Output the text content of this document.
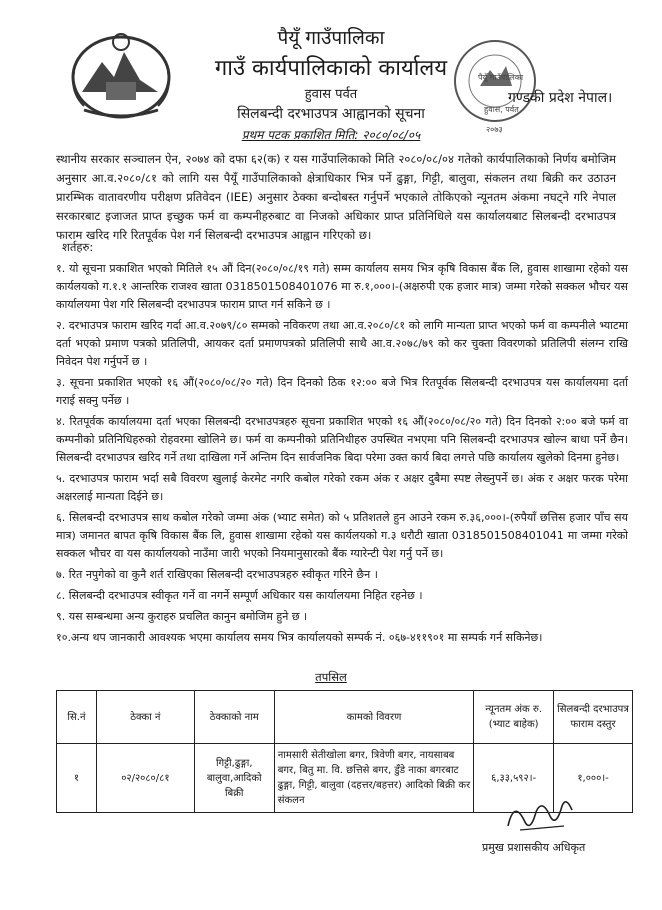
पैयूँ गाउँपालिका
गाउँ कार्यपालिकाको कार्यालय
हुवास पर्वत
सिलबन्दी दरभाउपत्र आह्वानको सूचना
प्रथम पटक प्रकाशित मिति: २०८०/०८/०५
पैयूँ गाउँपालिका
हुवास, पर्वत
२०७३
गण्डकी प्रदेश नेपाल।
स्थानीय सरकार सञ्चालन ऐन, २०७४ को दफा ६२(क) र यस गाउँपालिकाको मिति २०८०/०८/०४ गतेको कार्यपालिकाको निर्णय बमोजिम अनुसार आ.व.२०८०/८१ को लागि यस पैयूँ गाउँपालिकाको क्षेत्राधिकार भित्र पर्ने ढुङ्गा, गिट्टी, बालुवा, संकलन तथा बिक्री कर उठाउन प्रारम्भिक वातावरणीय परीक्षण प्रतिवेदन (IEE) अनुसार ठेक्का बन्दोबस्त गर्नुपर्ने भएकाले तोकिएको न्यूनतम अंकमा नघट्ने गरि नेपाल सरकारबाट इजाजत प्राप्त इच्छुक फर्म वा कम्पनीहरुबाट वा निजको अधिकार प्राप्त प्रतिनिधिले यस कार्यालयबाट सिलबन्दी दरभाउपत्र फाराम खरिद गरि रितपूर्वक पेश गर्न सिलबन्दी दरभाउपत्र आह्वान गरिएको छ।
शर्तहरु:
१. यो सूचना प्रकाशित भएको मितिले १५ औं दिन(२०८०/०८/१९ गते) सम्म कार्यालय समय भित्र कृषि विकास बैंक लि, हुवास शाखामा रहेको यस कार्यलयको ग.१.१ आन्तरिक राजश्व खाता 0318501508401076 मा रु.१,०००।-(अक्षरुपी एक हजार मात्र) जम्मा गरेको सक्कल भौचर यस कार्यालयमा पेश गरि सिलबन्दी दरभाउपत्र फाराम प्राप्त गर्न सकिने छ ।
२. दरभाउपत्र फाराम खरिद गर्दा आ.व.२०७९/८० सम्मको नविकरण तथा आ.व.२०८०/८१ को लागि मान्यता प्राप्त भएको फर्म वा कम्पनीले भ्याटमा दर्ता भएको प्रमाण पत्रको प्रतिलिपी, आयकर दर्ता प्रमाणपत्रको प्रतिलिपी साथै आ.व.२०७८/७९ को कर चुक्ता विवरणको प्रतिलिपी संलग्न राखि निवेदन पेश गर्नुपर्ने छ ।
३. सूचना प्रकाशित भएको १६ औं(२०८०/०८/२० गते) दिन दिनको ठिक १२:०० बजे भित्र रितपूर्वक सिलबन्दी दरभाउपत्र यस कार्यालयमा दर्ता गराई सक्नु पर्नेछ ।
४. रितपूर्वक कार्यालयमा दर्ता भएका सिलबन्दी दरभाउपत्रहरु सूचना प्रकाशित भएको १६ औं(२०८०/०८/२० गते) दिन दिनको २:०० बजे फर्म वा कम्पनीको प्रतिनिधिहरुको रोहवरमा खोलिने छ। फर्म वा कम्पनीको प्रतिनिधीहरु उपस्थित नभएमा पनि सिलबन्दी दरभाउपत्र खोल्न बाधा पर्ने छैन। सिलबन्दी दरभाउपत्र खरिद गर्ने तथा दाखिला गर्ने अन्तिम दिन सार्वजनिक बिदा परेमा उक्त कार्य बिदा लगत्ते पछि कार्यालय खुलेको दिनमा हुनेछ।
५. दरभाउपत्र फाराम भर्दा सबै विवरण खुलाई केरमेट नगरि कबोल गरेको रकम अंक र अक्षर दुबैमा स्पष्ट लेख्नुपर्ने छ। अंक र अक्षर फरक परेमा अक्षरलाई मान्यता दिईने छ।
६. सिलबन्दी दरभाउपत्र साथ कबोल गरेको जम्मा अंक (भ्याट समेत) को ५ प्रतिशतले हुन आउने रकम रु.३६,०००।-(रुपैयाँ छत्तिस हजार पाँच सय मात्र) जमानत बापत कृषि विकास बैंक लि, हुवास शाखामा रहेको यस कार्यलयको ग.३ धरौटी खाता 0318501508401041 मा जम्मा गरेको सक्कल भौचर वा यस कार्यालयको नाउँमा जारी भएको नियमानुसारको बैंक ग्यारेन्टी पेश गर्नु पर्ने छ।
७. रित नपुगेको वा कुनै शर्त राखिएका सिलबन्दी दरभाउपत्रहरु स्वीकृत गरिने छैन ।
८. सिलबन्दी दरभाउपत्र स्वीकृत गर्ने वा नगर्ने सम्पूर्ण अधिकार यस कार्यालयमा निहित रहनेछ ।
९. यस सम्बन्धमा अन्य कुराहरु प्रचलित कानुन बमोजिम हुने छ ।
१०.अन्य थप जानकारी आवश्यक भएमा कार्यालय समय भित्र कार्यालयको सम्पर्क नं. ०६७-४११९०१ मा सम्पर्क गर्न सकिनेछ।
तपसिल
सि.नं	ठेक्का नं	ठेक्काको नाम	कामको विवरण	न्यूनतम अंक रु. (भ्याट बाहेक)	सिलबन्दी दरभाउपत्र फाराम दस्तुर
१	०२/२०८०/८१	गिट्टी,ढुङ्गा, बालुवा,आदिको बिक्री	नामसारी सेतीखोला बगर, त्रिवेणी बगर, नायसाबब बगर, बितु मा. वि. छत्तिसे बगर, डुँडे नाका बगरबाट ढुङ्गा, गिट्टी, बालुवा (दहत्तर/बहत्तर) आदिको बिक्री कर संकलन	६,३३,५९२।-	१,०००।-
प्रमुख प्रशासकीय अधिकृत
